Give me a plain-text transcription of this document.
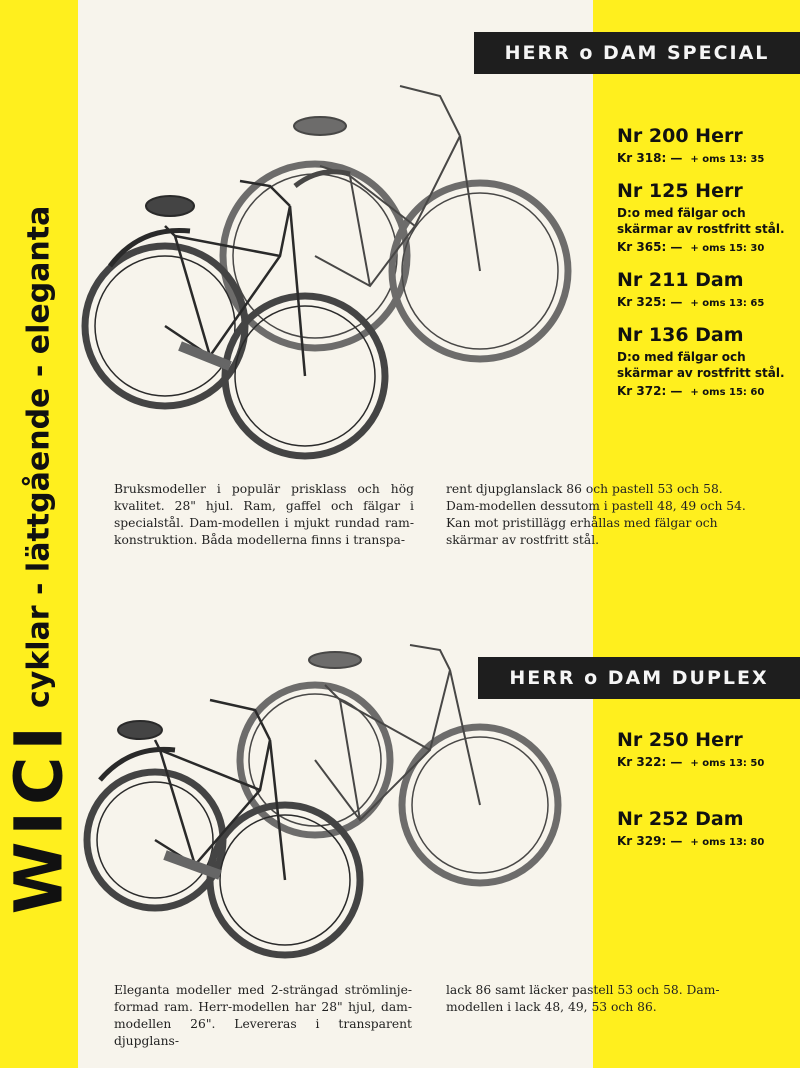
WICIcyklar - lättgående - eleganta
HERR o DAM SPECIAL
Nr 200 Herr
Kr 318: — + oms 13: 35
Nr 125 Herr
D:o med fälgar och skärmar av rostfritt stål.
Kr 365: — + oms 15: 30
Nr 211 Dam
Kr 325: — + oms 13: 65
Nr 136 Dam
D:o med fälgar och skärmar av rostfritt stål.
Kr 372: — + oms 15: 60

Bruksmodeller i populär prisklass och hög kvalitet. 28" hjul. Ram, gaffel och fälgar i specialstål. Dam-modellen i mjukt rundad ram-konstruktion. Båda modellerna finns i transpa-

rent djupglanslack 86 och pastell 53 och 58. Dam-modellen dessutom i pastell 48, 49 och 54. Kan mot pristillägg erhållas med fälgar och skärmar av rostfritt stål.

HERR o DAM DUPLEX
Nr 250 Herr
Kr 322: — + oms 13: 50
Nr 252 Dam
Kr 329: — + oms 13: 80

Eleganta modeller med 2-strängad strömlinje-formad ram. Herr-modellen har 28" hjul, dam-modellen 26". Levereras i transparent djupglans-

lack 86 samt läcker pastell 53 och 58. Dam-modellen i lack 48, 49, 53 och 86.
